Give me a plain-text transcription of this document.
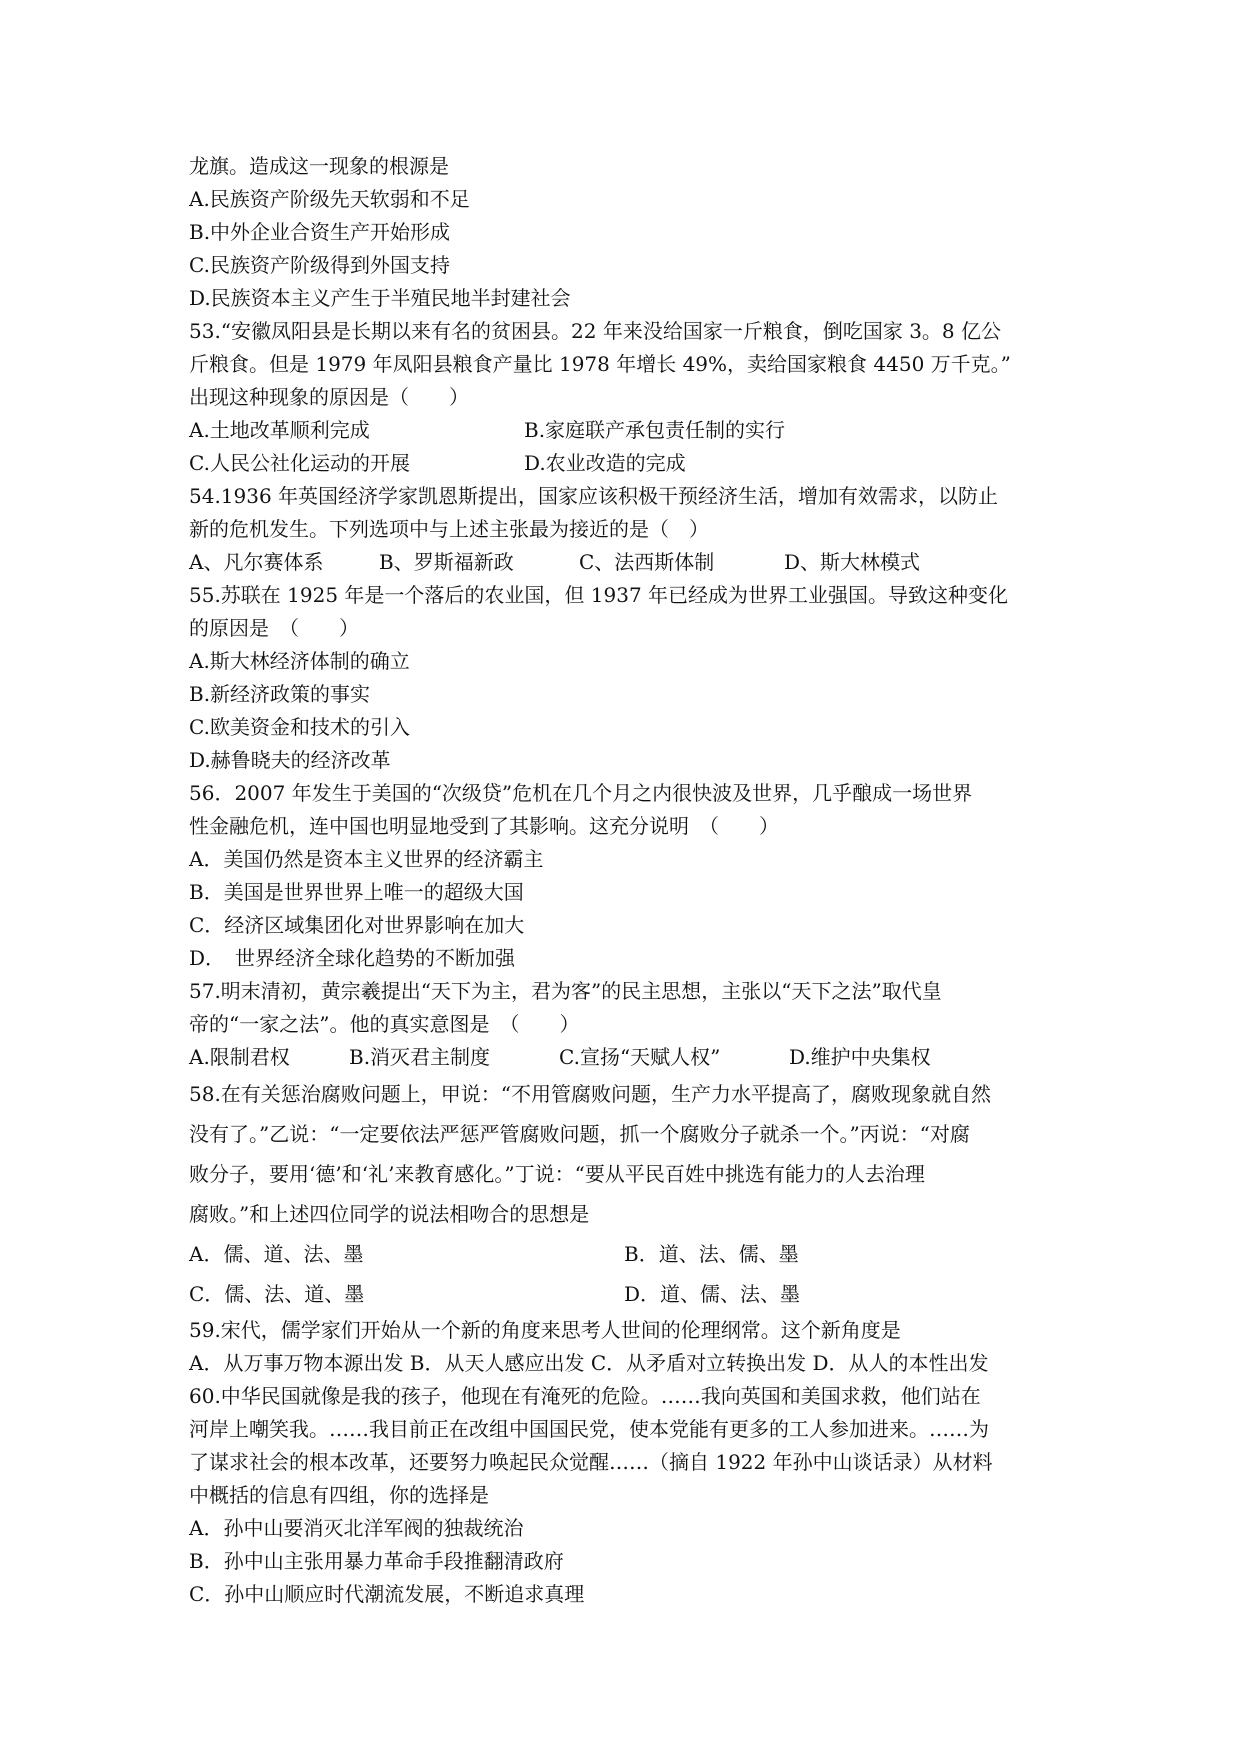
龙旗。造成这一现象的根源是
A.民族资产阶级先天软弱和不足
B.中外企业合资生产开始形成
C.民族资产阶级得到外国支持
D.民族资本主义产生于半殖民地半封建社会
53.“安徽凤阳县是长期以来有名的贫困县。22 年来没给国家一斤粮食，倒吃国家 3。8 亿公
斤粮食。但是 1979 年凤阳县粮食产量比 1978 年增长 49%，卖给国家粮食 4450 万千克。”
出现这种现象的原因是（　　）
A.土地改革顺利完成	B.家庭联产承包责任制的实行
C.人民公社化运动的开展	D.农业改造的完成
54.1936 年英国经济学家凯恩斯提出，国家应该积极干预经济生活，增加有效需求，以防止
新的危机发生。下列选项中与上述主张最为接近的是（　）
A、凡尔赛体系	B、罗斯福新政	C、法西斯体制	D、斯大林模式
55.苏联在 1925 年是一个落后的农业国，但 1937 年已经成为世界工业强国。导致这种变化
的原因是　（　　）
A.斯大林经济体制的确立
B.新经济政策的事实
C.欧美资金和技术的引入
D.赫鲁晓夫的经济改革
56．2007 年发生于美国的“次级贷”危机在几个月之内很快波及世界，几乎酿成一场世界
性金融危机，连中国也明显地受到了其影响。这充分说明　（　　）
A．美国仍然是资本主义世界的经济霸主
B．美国是世界世界上唯一的超级大国
C．经济区域集团化对世界影响在加大
D．　世界经济全球化趋势的不断加强
57.明末清初，黄宗羲提出“天下为主，君为客”的民主思想，主张以“天下之法”取代皇
帝的“一家之法”。他的真实意图是　（　　）
A.限制君权	B.消灭君主制度	C.宣扬“天赋人权”	D.维护中央集权
58.在有关惩治腐败问题上，甲说：“不用管腐败问题，生产力水平提高了，腐败现象就自然
没有了。”乙说：“一定要依法严惩严管腐败问题，抓一个腐败分子就杀一个。”丙说：“对腐
败分子，要用‘德’和‘礼’来教育感化。”丁说：“要从平民百姓中挑选有能力的人去治理
腐败。”和上述四位同学的说法相吻合的思想是
A．儒、道、法、墨	B．道、法、儒、墨
C．儒、法、道、墨	D．道、儒、法、墨
59.宋代，儒学家们开始从一个新的角度来思考人世间的伦理纲常。这个新角度是
A．从万事万物本源出发 B．从天人感应出发 C．从矛盾对立转换出发 D．从人的本性出发
60.中华民国就像是我的孩子，他现在有淹死的危险。……我向英国和美国求救，他们站在
河岸上嘲笑我。……我目前正在改组中国国民党，使本党能有更多的工人参加进来。……为
了谋求社会的根本改革，还要努力唤起民众觉醒……（摘自 1922 年孙中山谈话录）从材料
中概括的信息有四组，你的选择是
A．孙中山要消灭北洋军阀的独裁统治
B．孙中山主张用暴力革命手段推翻清政府
C．孙中山顺应时代潮流发展，不断追求真理
